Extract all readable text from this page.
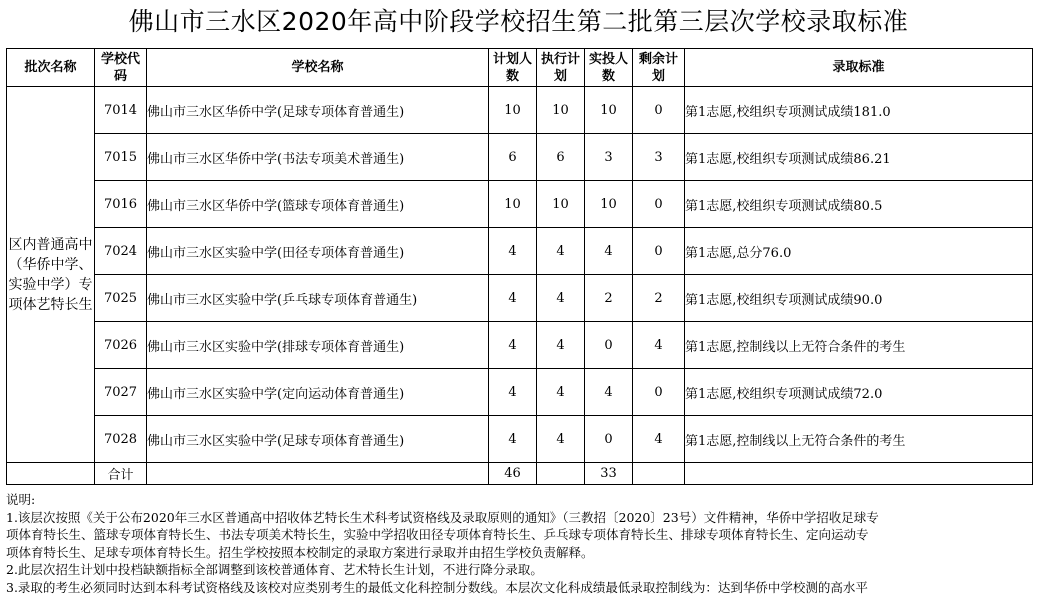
佛山市三水区2020年高中阶段学校招生第二批第三层次学校录取标准
批次名称	学校代码	学校名称	计划人数	执行计划	实投人数	剩余计划	录取标准
区内普通高中（华侨中学、实验中学）专项体艺特长生	7014	佛山市三水区华侨中学(足球专项体育普通生)	10	10	10	0	第1志愿,校组织专项测试成绩181.0
	7015	佛山市三水区华侨中学(书法专项美术普通生)	6	6	3	3	第1志愿,校组织专项测试成绩86.21
	7016	佛山市三水区华侨中学(篮球专项体育普通生)	10	10	10	0	第1志愿,校组织专项测试成绩80.5
	7024	佛山市三水区实验中学(田径专项体育普通生)	4	4	4	0	第1志愿,总分76.0
	7025	佛山市三水区实验中学(乒乓球专项体育普通生)	4	4	2	2	第1志愿,校组织专项测试成绩90.0
	7026	佛山市三水区实验中学(排球专项体育普通生)	4	4	0	4	第1志愿,控制线以上无符合条件的考生
	7027	佛山市三水区实验中学(定向运动体育普通生)	4	4	4	0	第1志愿,校组织专项测试成绩72.0
	7028	佛山市三水区实验中学(足球专项体育普通生)	4	4	0	4	第1志愿,控制线以上无符合条件的考生
	合计		46		33		
说明:
1.该层次按照《关于公布2020年三水区普通高中招收体艺特长生术科考试资格线及录取原则的通知》（三教招〔2020〕23号）文件精神，华侨中学招收足球专
项体育特长生、篮球专项体育特长生、书法专项美术特长生，实验中学招收田径专项体育特长生、乒乓球专项体育特长生、排球专项体育特长生、定向运动专
项体育特长生、足球专项体育特长生。招生学校按照本校制定的录取方案进行录取并由招生学校负责解释。
2.此层次招生计划中投档缺额指标全部调整到该校普通体育、艺术特长生计划，不进行降分录取。
3.录取的考生必须同时达到本科考试资格线及该校对应类别考生的最低文化科控制分数线。本层次文化科成绩最低录取控制线为：达到华侨中学校测的高水平
